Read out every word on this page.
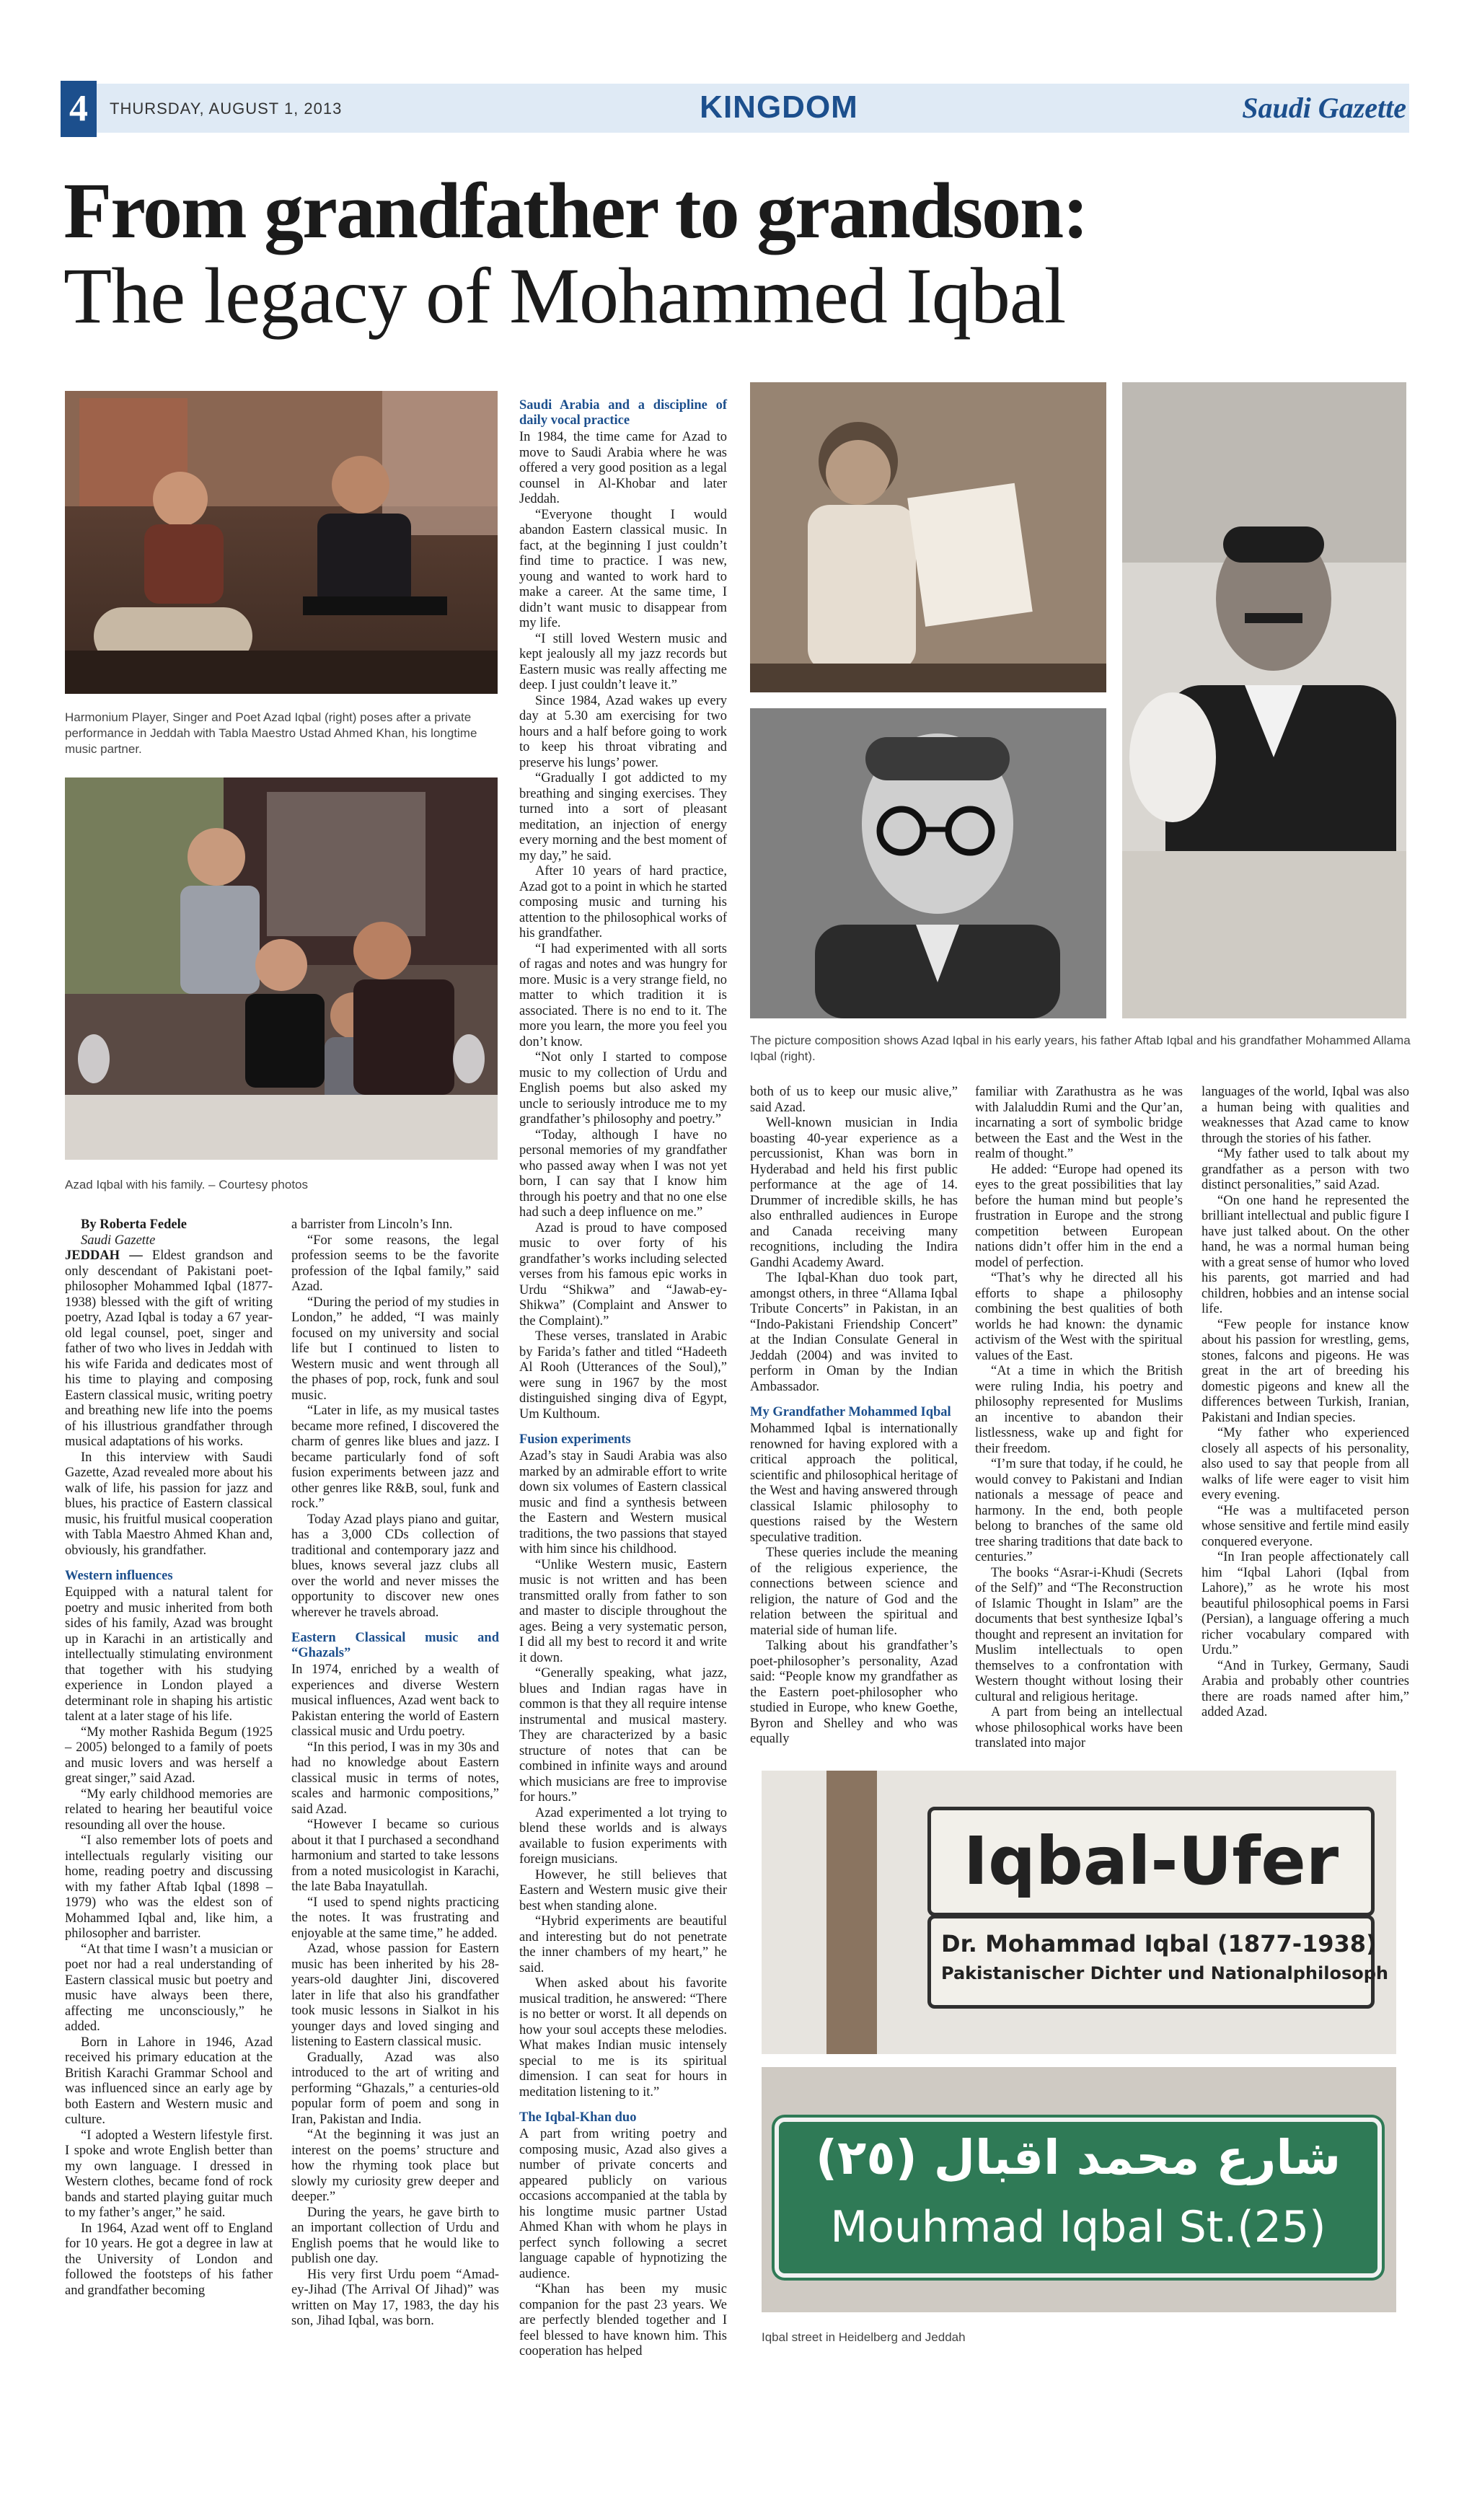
4	THURSDAY, AUGUST 1, 2013	KINGDOM	Saudi Gazette
From grandfather to grandson:
The legacy of Mohammed Iqbal
Harmonium Player, Singer and Poet Azad Iqbal (right) poses after a private performance in Jeddah with Tabla Maestro Ustad Ahmed Khan, his longtime music partner.
Azad Iqbal with his family. – Courtesy photos
The picture composition shows Azad Iqbal in his early years, his father Aftab Iqbal and his grandfather Mohammed Allama Iqbal (right).
Iqbal-Ufer
Dr. Mohammad Iqbal (1877-1938)
Pakistanischer Dichter und Nationalphilosoph
شارع محمد اقبال (٢٥)
Mouhmad Iqbal St.(25)
Iqbal street in Heidelberg and Jeddah

By Roberta Fedele

Saudi Gazette

JEDDAH — Eldest grandson and only descendant of Pakistani poet-philosopher Mohammed Iqbal (1877-1938) blessed with the gift of writing poetry, Azad Iqbal is today a 67 year-old legal counsel, poet, singer and father of two who lives in Jeddah with his wife Farida and dedicates most of his time to playing and composing Eastern classical music, writing poetry and breathing new life into the poems of his illustrious grandfather through musical adaptations of his works.

In this interview with Saudi Gazette, Azad revealed more about his walk of life, his passion for jazz and blues, his practice of Eastern classical music, his fruitful musical cooperation with Tabla Maestro Ahmed Khan and, obviously, his grandfather.

Western influences

Equipped with a natural talent for poetry and music inherited from both sides of his family, Azad was brought up in Karachi in an artistically and intellectually stimulating environment that together with his studying experience in London played a determinant role in shaping his artistic talent at a later stage of his life.

“My mother Rashida Begum (1925 – 2005) belonged to a family of poets and music lovers and was herself a great singer,” said Azad.

“My early childhood memories are related to hearing her beautiful voice resounding all over the house.

“I also remember lots of poets and intellectuals regularly visiting our home, reading poetry and discussing with my father Aftab Iqbal (1898 – 1979) who was the eldest son of Mohammed Iqbal and, like him, a philosopher and barrister.

“At that time I wasn’t a musician or poet nor had a real understanding of Eastern classical music but poetry and music have always been there, affecting me unconsciously,” he added.

Born in Lahore in 1946, Azad received his primary education at the British Karachi Grammar School and was influenced since an early age by both Eastern and Western music and culture.

“I adopted a Western lifestyle first. I spoke and wrote English better than my own language. I dressed in Western clothes, became fond of rock bands and started playing guitar much to my father’s anger,” he said.

In 1964, Azad went off to England for 10 years. He got a degree in law at the University of London and followed the footsteps of his father and grandfather becoming

a barrister from Lincoln’s Inn.

“For some reasons, the legal profession seems to be the favorite profession of the Iqbal family,” said Azad.

“During the period of my studies in London,” he added, “I was mainly focused on my university and social life but I continued to listen to Western music and went through all the phases of pop, rock, funk and soul music.

“Later in life, as my musical tastes became more refined, I discovered the charm of genres like blues and jazz. I became particularly fond of soft fusion experiments between jazz and other genres like R&B, soul, funk and rock.”

Today Azad plays piano and guitar, has a 3,000 CDs collection of traditional and contemporary jazz and blues, knows several jazz clubs all over the world and never misses the opportunity to discover new ones wherever he travels abroad.

Eastern Classical music and “Ghazals”

In 1974, enriched by a wealth of experiences and diverse Western musical influences, Azad went back to Pakistan entering the world of Eastern classical music and Urdu poetry.

“In this period, I was in my 30s and had no knowledge about Eastern classical music in terms of notes, scales and harmonic compositions,” said Azad.

“However I became so curious about it that I purchased a secondhand harmonium and started to take lessons from a noted musicologist in Karachi, the late Baba Inayatullah.

“I used to spend nights practicing the notes. It was frustrating and enjoyable at the same time,” he added.

Azad, whose passion for Eastern music has been inherited by his 28-years-old daughter Jini, discovered later in life that also his grandfather took music lessons in Sialkot in his younger days and loved singing and listening to Eastern classical music.

Gradually, Azad was also introduced to the art of writing and performing “Ghazals,” a centuries-old popular form of poem and song in Iran, Pakistan and India.

“At the beginning it was just an interest on the poems’ structure and how the rhyming took place but slowly my curiosity grew deeper and deeper.”

During the years, he gave birth to an important collection of Urdu and English poems that he would like to publish one day.

His very first Urdu poem “Amad-ey-Jihad (The Arrival Of Jihad)” was written on May 17, 1983, the day his son, Jihad Iqbal, was born.

Saudi Arabia and a discipline of daily vocal practice

In 1984, the time came for Azad to move to Saudi Arabia where he was offered a very good position as a legal counsel in Al-Khobar and later Jeddah.

“Everyone thought I would abandon Eastern classical music. In fact, at the beginning I just couldn’t find time to practice. I was new, young and wanted to work hard to make a career. At the same time, I didn’t want music to disappear from my life.

“I still loved Western music and kept jealously all my jazz records but Eastern music was really affecting me deep. I just couldn’t leave it.”

Since 1984, Azad wakes up every day at 5.30 am exercising for two hours and a half before going to work to keep his throat vibrating and preserve his lungs’ power.

“Gradually I got addicted to my breathing and singing exercises. They turned into a sort of pleasant meditation, an injection of energy every morning and the best moment of my day,” he said.

After 10 years of hard practice, Azad got to a point in which he started composing music and turning his attention to the philosophical works of his grandfather.

“I had experimented with all sorts of ragas and notes and was hungry for more. Music is a very strange field, no matter to which tradition it is associated. There is no end to it. The more you learn, the more you feel you don’t know.

“Not only I started to compose music to my collection of Urdu and English poems but also asked my uncle to seriously introduce me to my grandfather’s philosophy and poetry.”

“Today, although I have no personal memories of my grandfather who passed away when I was not yet born, I can say that I know him through his poetry and that no one else had such a deep influence on me.”

Azad is proud to have composed music to over forty of his grandfather’s works including selected verses from his famous epic works in Urdu “Shikwa” and “Jawab-ey-Shikwa” (Complaint and Answer to the Complaint).”

These verses, translated in Arabic by Farida’s father and titled “Hadeeth Al Rooh (Utterances of the Soul),” were sung in 1967 by the most distinguished singing diva of Egypt, Um Kulthoum.

Fusion experiments

Azad’s stay in Saudi Arabia was also marked by an admirable effort to write down six volumes of Eastern classical music and find a synthesis between the Eastern and Western musical traditions, the two passions that stayed with him since his childhood.

“Unlike Western music, Eastern music is not written and has been transmitted orally from father to son and master to disciple throughout the ages. Being a very systematic person, I did all my best to record it and write it down.

“Generally speaking, what jazz, blues and Indian ragas have in common is that they all require intense instrumental and musical mastery. They are characterized by a basic structure of notes that can be combined in infinite ways and around which musicians are free to improvise for hours.”

Azad experimented a lot trying to blend these worlds and is always available to fusion experiments with foreign musicians.

However, he still believes that Eastern and Western music give their best when standing alone.

“Hybrid experiments are beautiful and interesting but do not penetrate the inner chambers of my heart,” he said.

When asked about his favorite musical tradition, he answered: “There is no better or worst. It all depends on how your soul accepts these melodies. What makes Indian music intensely special to me is its spiritual dimension. I can seat for hours in meditation listening to it.”

The Iqbal-Khan duo

A part from writing poetry and composing music, Azad also gives a number of private concerts and appeared publicly on various occasions accompanied at the tabla by his longtime music partner Ustad Ahmed Khan with whom he plays in perfect synch following a secret language capable of hypnotizing the audience.

“Khan has been my music companion for the past 23 years. We are perfectly blended together and I feel blessed to have known him. This cooperation has helped

both of us to keep our music alive,” said Azad.

Well-known musician in India boasting 40-year experience as a percussionist, Khan was born in Hyderabad and held his first public performance at the age of 14. Drummer of incredible skills, he has also enthralled audiences in Europe and Canada receiving many recognitions, including the Indira Gandhi Academy Award.

The Iqbal-Khan duo took part, amongst others, in three “Allama Iqbal Tribute Concerts” in Pakistan, in an “Indo-Pakistani Friendship Concert” at the Indian Consulate General in Jeddah (2004) and was invited to perform in Oman by the Indian Ambassador.

My Grandfather Mohammed Iqbal

Mohammed Iqbal is internationally renowned for having explored with a critical approach the political, scientific and philosophical heritage of the West and having answered through classical Islamic philosophy to questions raised by the Western speculative tradition.

These queries include the meaning of the religious experience, the connections between science and religion, the nature of God and the relation between the spiritual and material side of human life.

Talking about his grandfather’s poet-philosopher’s personality, Azad said: “People know my grandfather as the Eastern poet-philosopher who studied in Europe, who knew Goethe, Byron and Shelley and who was equally

familiar with Zarathustra as he was with Jalaluddin Rumi and the Qur’an, incarnating a sort of symbolic bridge between the East and the West in the realm of thought.”

He added: “Europe had opened its eyes to the great possibilities that lay before the human mind but people’s frustration in Europe and the strong competition between European nations didn’t offer him in the end a model of perfection.

“That’s why he directed all his efforts to shape a philosophy combining the best qualities of both worlds he had known: the dynamic activism of the West with the spiritual values of the East.

“At a time in which the British were ruling India, his poetry and philosophy represented for Muslims an incentive to abandon their listlessness, wake up and fight for their freedom.

“I’m sure that today, if he could, he would convey to Pakistani and Indian nationals a message of peace and harmony. In the end, both people belong to branches of the same old tree sharing traditions that date back to centuries.”

The books “Asrar-i-Khudi (Secrets of the Self)” and “The Reconstruction of Islamic Thought in Islam” are the documents that best synthesize Iqbal’s thought and represent an invitation for Muslim intellectuals to open themselves to a confrontation with Western thought without losing their cultural and religious heritage.

A part from being an intellectual whose philosophical works have been translated into major

languages of the world, Iqbal was also a human being with qualities and weaknesses that Azad came to know through the stories of his father.

“My father used to talk about my grandfather as a person with two distinct personalities,” said Azad.

“On one hand he represented the brilliant intellectual and public figure I have just talked about. On the other hand, he was a normal human being with a great sense of humor who loved his parents, got married and had children, hobbies and an intense social life.

“Few people for instance know about his passion for wrestling, gems, stones, falcons and pigeons. He was great in the art of breeding his domestic pigeons and knew all the differences between Turkish, Iranian, Pakistani and Indian species.

“My father who experienced closely all aspects of his personality, also used to say that people from all walks of life were eager to visit him every evening.

“He was a multifaceted person whose sensitive and fertile mind easily conquered everyone.

“In Iran people affectionately call him “Iqbal Lahori (Iqbal from Lahore),” as he wrote his most beautiful philosophical poems in Farsi (Persian), a language offering a much richer vocabulary compared with Urdu.”

“And in Turkey, Germany, Saudi Arabia and probably other countries there are roads named after him,” added Azad.
